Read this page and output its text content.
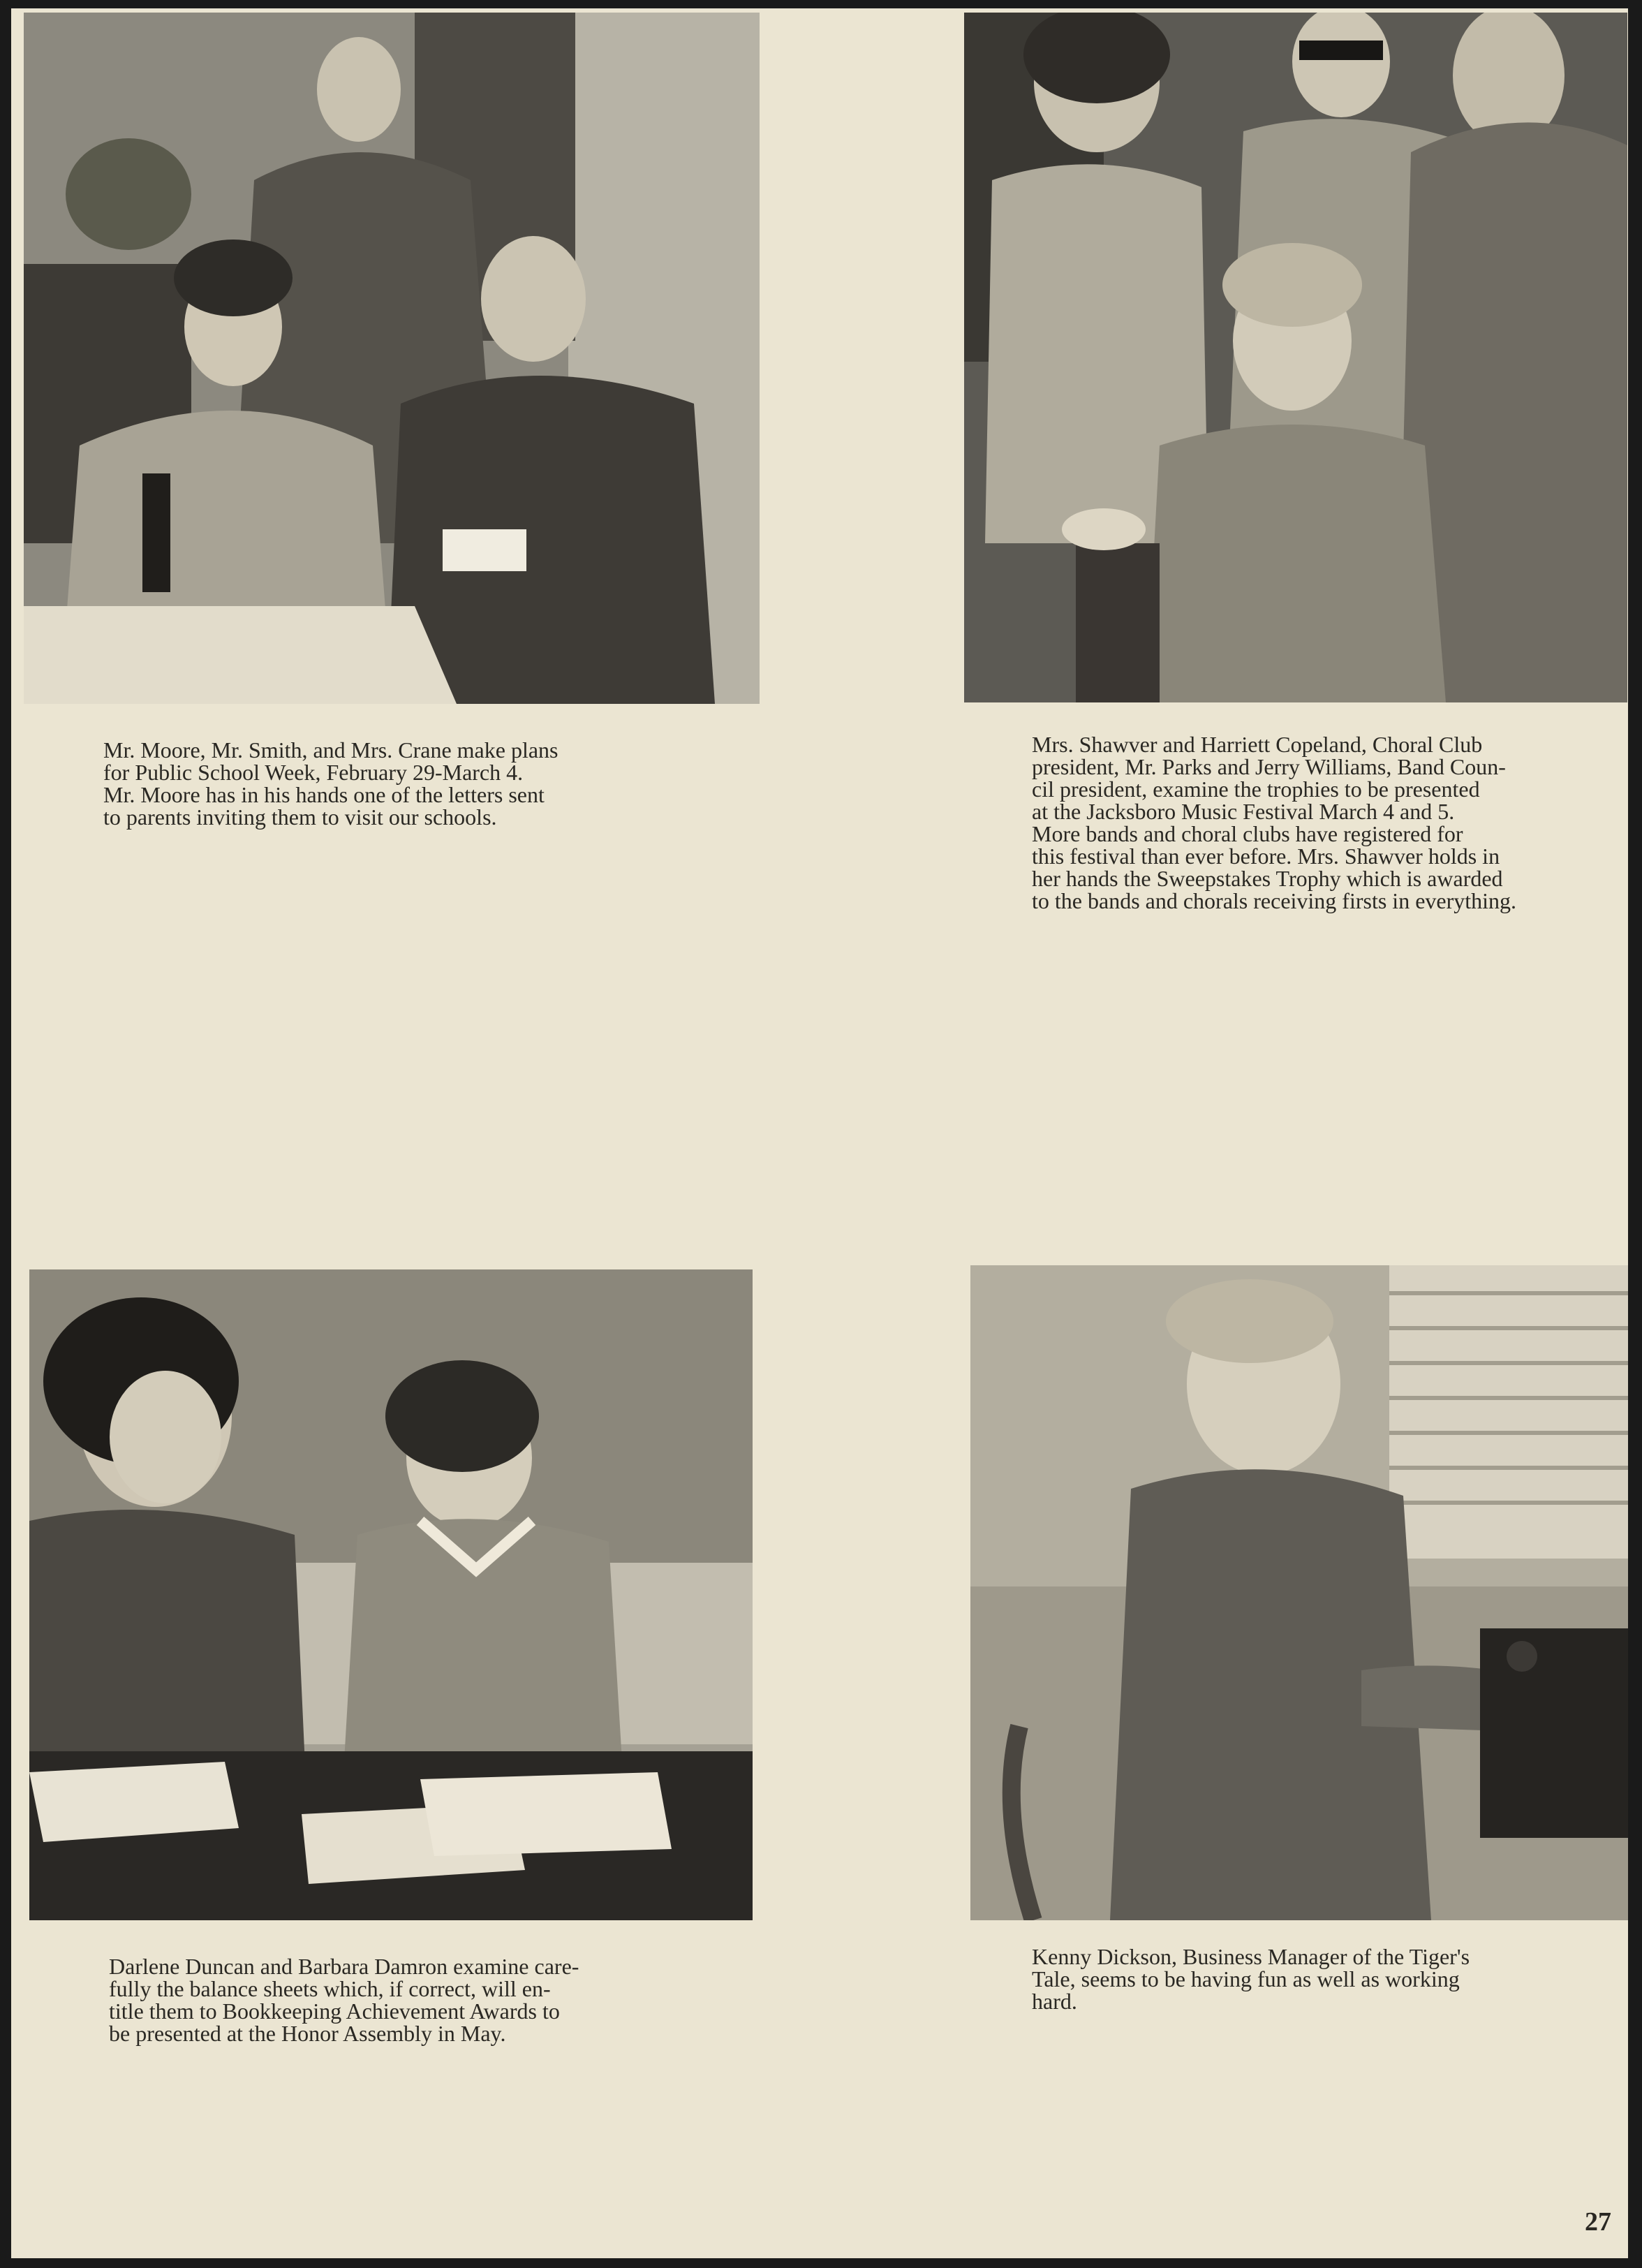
Mr. Moore, Mr. Smith, and Mrs. Crane make plans
for Public School Week, February 29-March 4.
Mr. Moore has in his hands one of the letters sent
to parents inviting them to visit our schools.

Mrs. Shawver and Harriett Copeland, Choral Club
president, Mr. Parks and Jerry Williams, Band Coun-
cil president, examine the trophies to be presented
at the Jacksboro Music Festival March 4 and 5.
More bands and choral clubs have registered for
this festival than ever before. Mrs. Shawver holds in
her hands the Sweepstakes Trophy which is awarded
to the bands and chorals receiving firsts in everything.

Darlene Duncan and Barbara Damron examine care-
fully the balance sheets which, if correct, will en-
title them to Bookkeeping Achievement Awards to
be presented at the Honor Assembly in May.

Kenny Dickson, Business Manager of the Tiger's
Tale, seems to be having fun as well as working
hard.

27
